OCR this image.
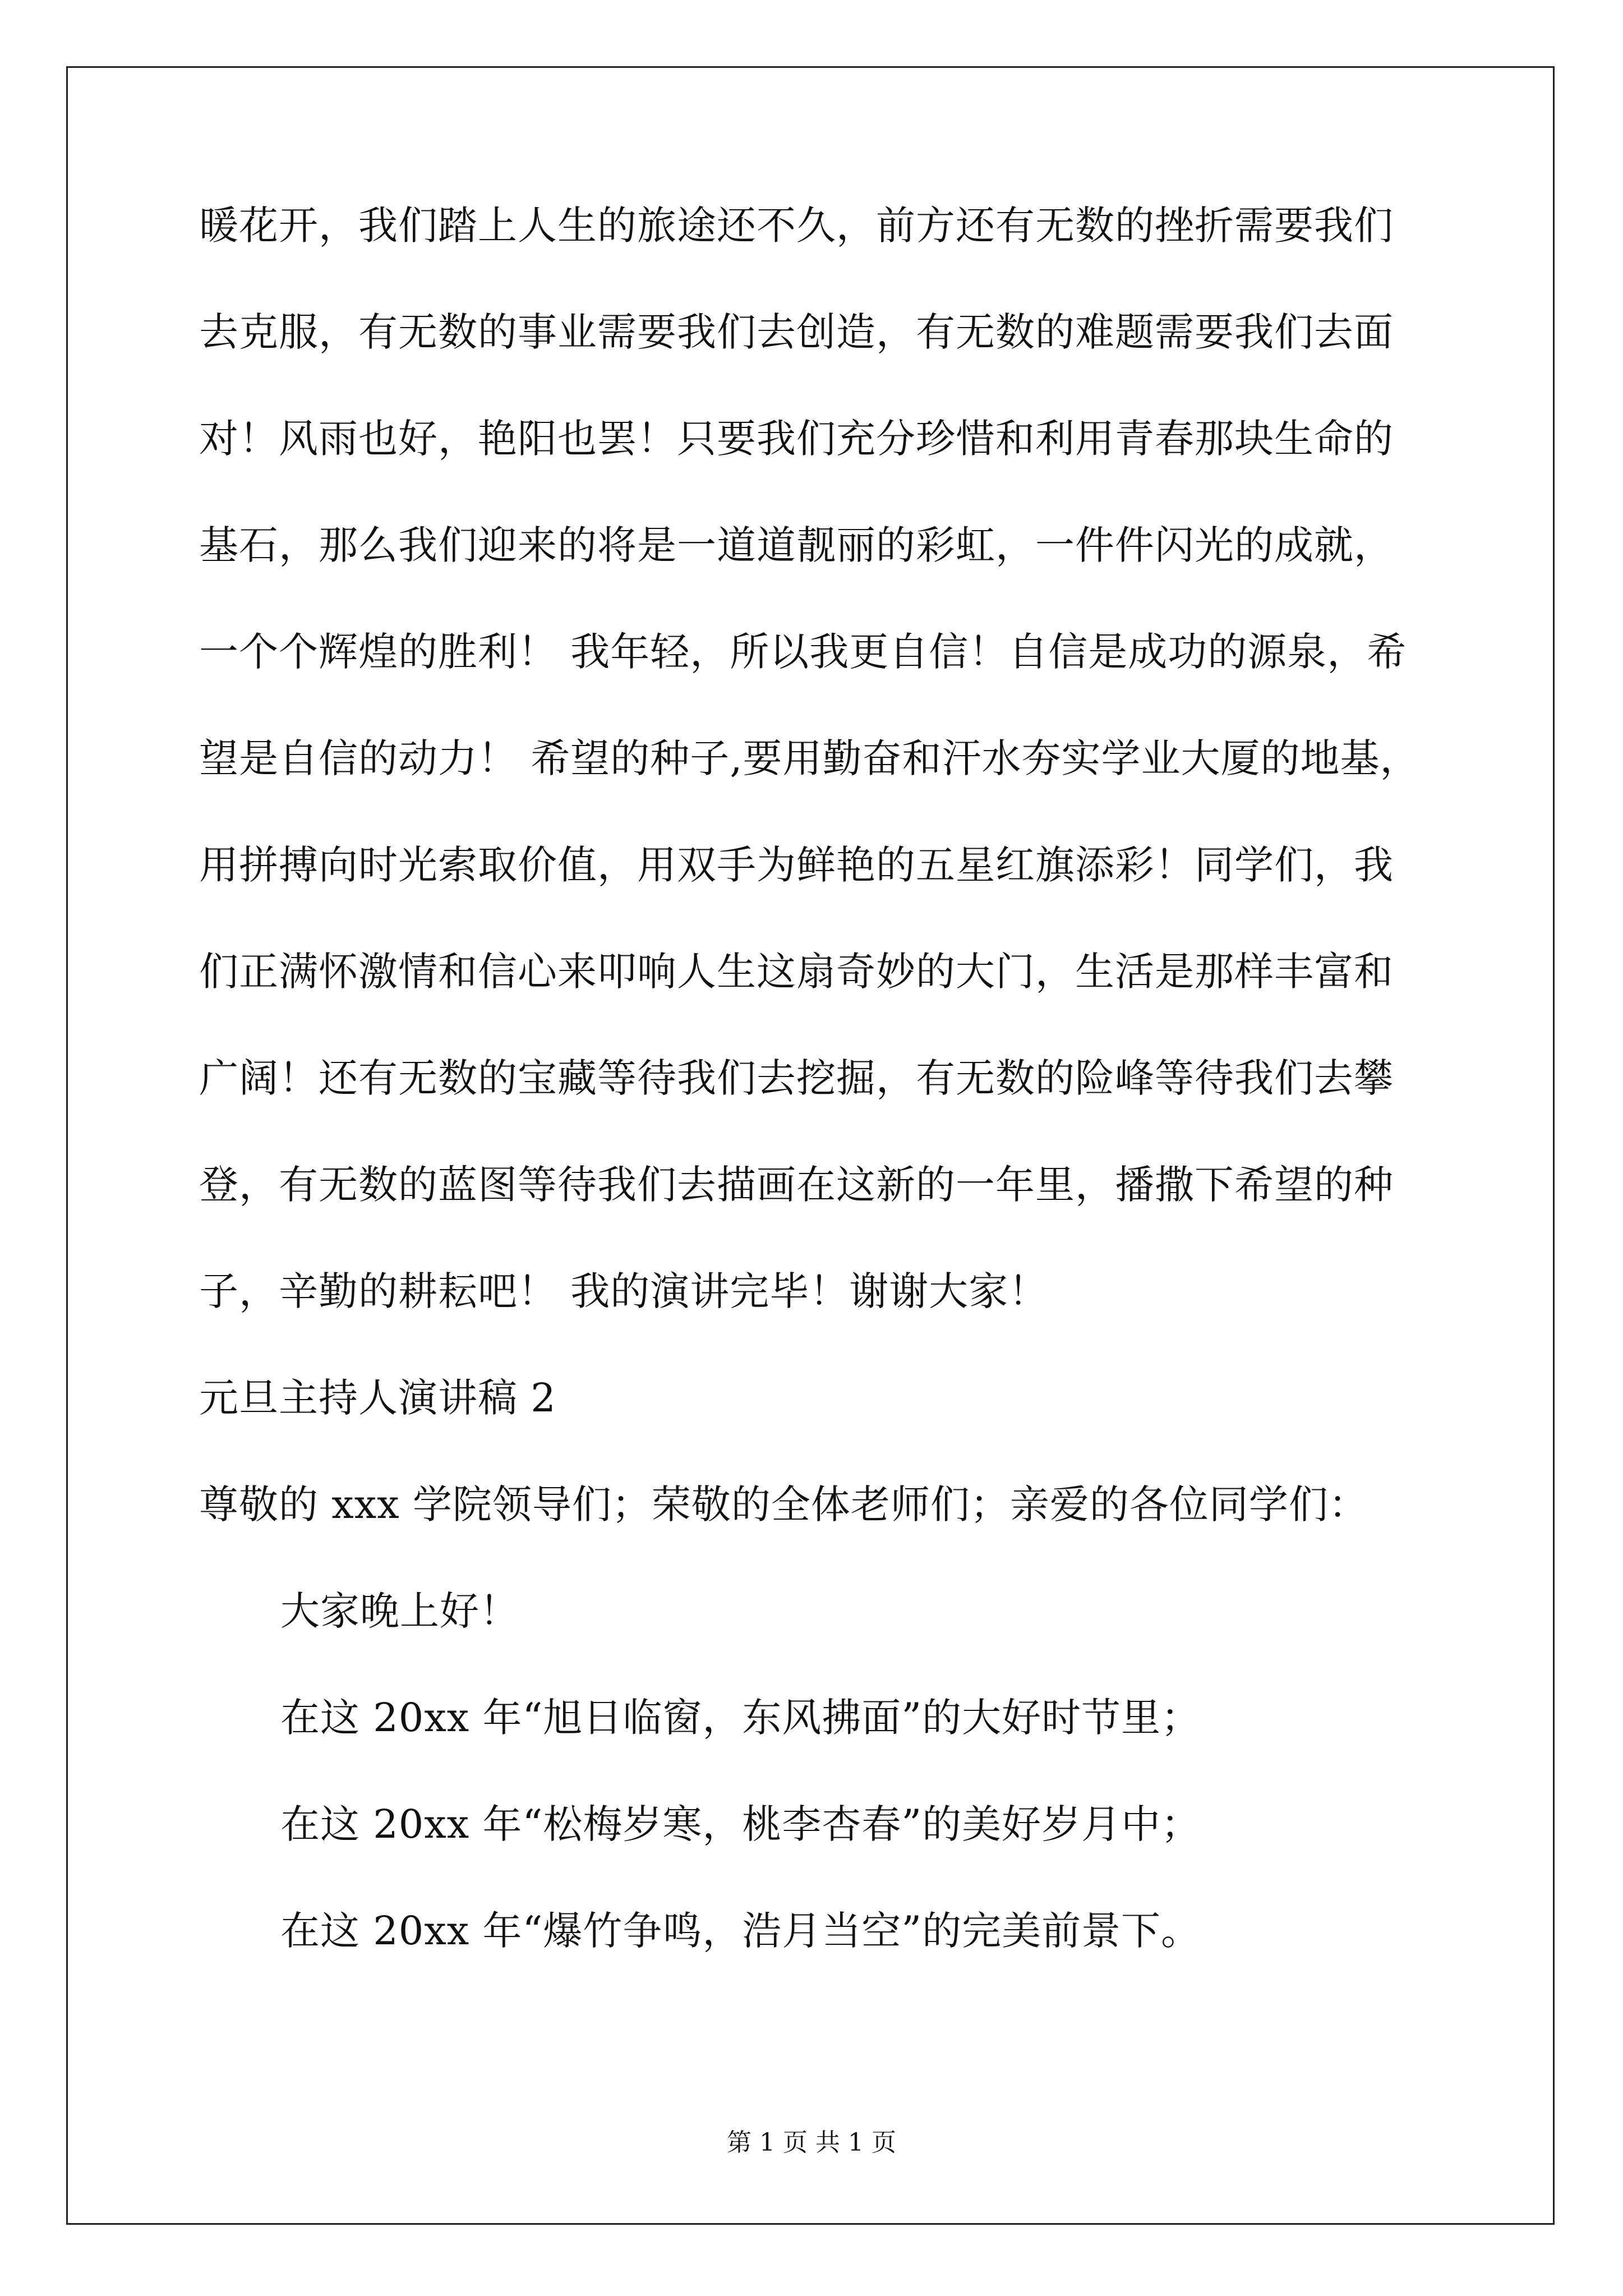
暖花开，我们踏上人生的旅途还不久，前方还有无数的挫折需要我们
去克服，有无数的事业需要我们去创造，有无数的难题需要我们去面
对！风雨也好，艳阳也罢！只要我们充分珍惜和利用青春那块生命的
基石，那么我们迎来的将是一道道靓丽的彩虹，一件件闪光的成就，
一个个辉煌的胜利！ 我年轻，所以我更自信！自信是成功的源泉，希
望是自信的动力！ 希望的种子,要用勤奋和汗水夯实学业大厦的地基，
用拼搏向时光索取价值，用双手为鲜艳的五星红旗添彩！同学们，我
们正满怀激情和信心来叩响人生这扇奇妙的大门，生活是那样丰富和
广阔！还有无数的宝藏等待我们去挖掘，有无数的险峰等待我们去攀
登，有无数的蓝图等待我们去描画在这新的一年里，播撒下希望的种
子，辛勤的耕耘吧！ 我的演讲完毕！谢谢大家！
元旦主持人演讲稿 2
尊敬的 xxx 学院领导们；荣敬的全体老师们；亲爱的各位同学们：
大家晚上好！
在这 20xx 年“旭日临窗，东风拂面”的大好时节里；
在这 20xx 年“松梅岁寒，桃李杏春”的美好岁月中；
在这 20xx 年“爆竹争鸣，浩月当空”的完美前景下。
第 1 页 共 1 页
